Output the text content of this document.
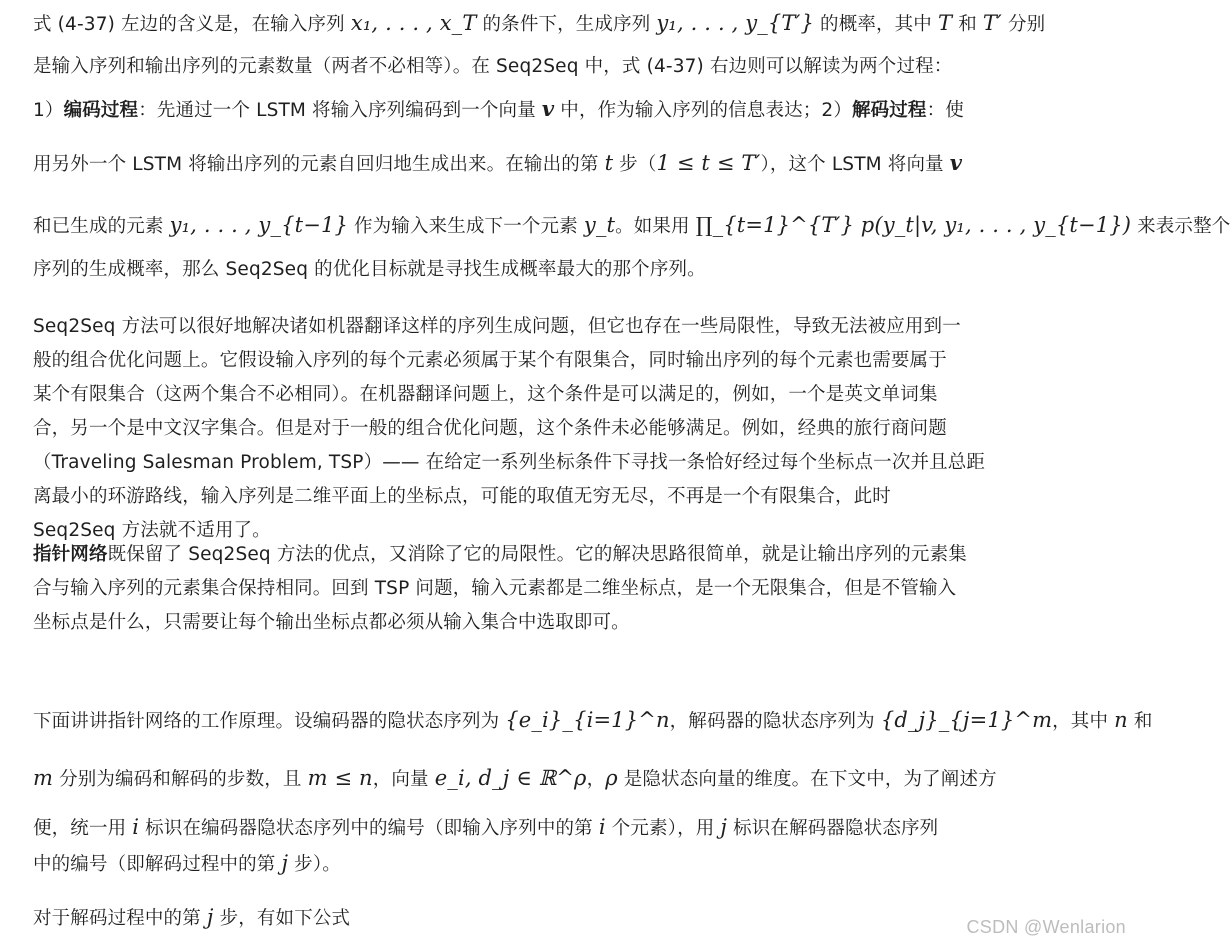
式 (4-37) 左边的含义是，在输入序列 x₁, . . . , x_T 的条件下，生成序列 y₁, . . . , y_{T′} 的概率，其中 T 和 T′ 分别
是输入序列和输出序列的元素数量（两者不必相等）。在 Seq2Seq 中，式 (4-37) 右边则可以解读为两个过程：
1）编码过程：先通过一个 LSTM 将输入序列编码到一个向量 v 中，作为输入序列的信息表达；2）解码过程：使
用另外一个 LSTM 将输出序列的元素自回归地生成出来。在输出的第 t 步（1 ≤ t ≤ T′），这个 LSTM 将向量 v
和已生成的元素 y₁, . . . , y_{t−1} 作为输入来生成下一个元素 y_t。如果用 ∏_{t=1}^{T′} p(y_t|v, y₁, . . . , y_{t−1}) 来表示整个
序列的生成概率，那么 Seq2Seq 的优化目标就是寻找生成概率最大的那个序列。
Seq2Seq 方法可以很好地解决诸如机器翻译这样的序列生成问题，但它也存在一些局限性，导致无法被应用到一
般的组合优化问题上。它假设输入序列的每个元素必须属于某个有限集合，同时输出序列的每个元素也需要属于
某个有限集合（这两个集合不必相同）。在机器翻译问题上，这个条件是可以满足的，例如，一个是英文单词集
合，另一个是中文汉字集合。但是对于一般的组合优化问题，这个条件未必能够满足。例如，经典的旅行商问题
（Traveling Salesman Problem, TSP）—— 在给定一系列坐标条件下寻找一条恰好经过每个坐标点一次并且总距
离最小的环游路线，输入序列是二维平面上的坐标点，可能的取值无穷无尽，不再是一个有限集合，此时
Seq2Seq 方法就不适用了。
指针网络既保留了 Seq2Seq 方法的优点，又消除了它的局限性。它的解决思路很简单，就是让输出序列的元素集
合与输入序列的元素集合保持相同。回到 TSP 问题，输入元素都是二维坐标点，是一个无限集合，但是不管输入
坐标点是什么，只需要让每个输出坐标点都必须从输入集合中选取即可。
下面讲讲指针网络的工作原理。设编码器的隐状态序列为 {e_i}_{i=1}^n，解码器的隐状态序列为 {d_j}_{j=1}^m，其中 n 和
m 分别为编码和解码的步数，且 m ≤ n，向量 e_i, d_j ∈ ℝ^ρ，ρ 是隐状态向量的维度。在下文中，为了阐述方
便，统一用 i 标识在编码器隐状态序列中的编号（即输入序列中的第 i 个元素），用 j 标识在解码器隐状态序列
中的编号（即解码过程中的第 j 步）。
对于解码过程中的第 j 步，有如下公式	CSDN @Wenlarion
